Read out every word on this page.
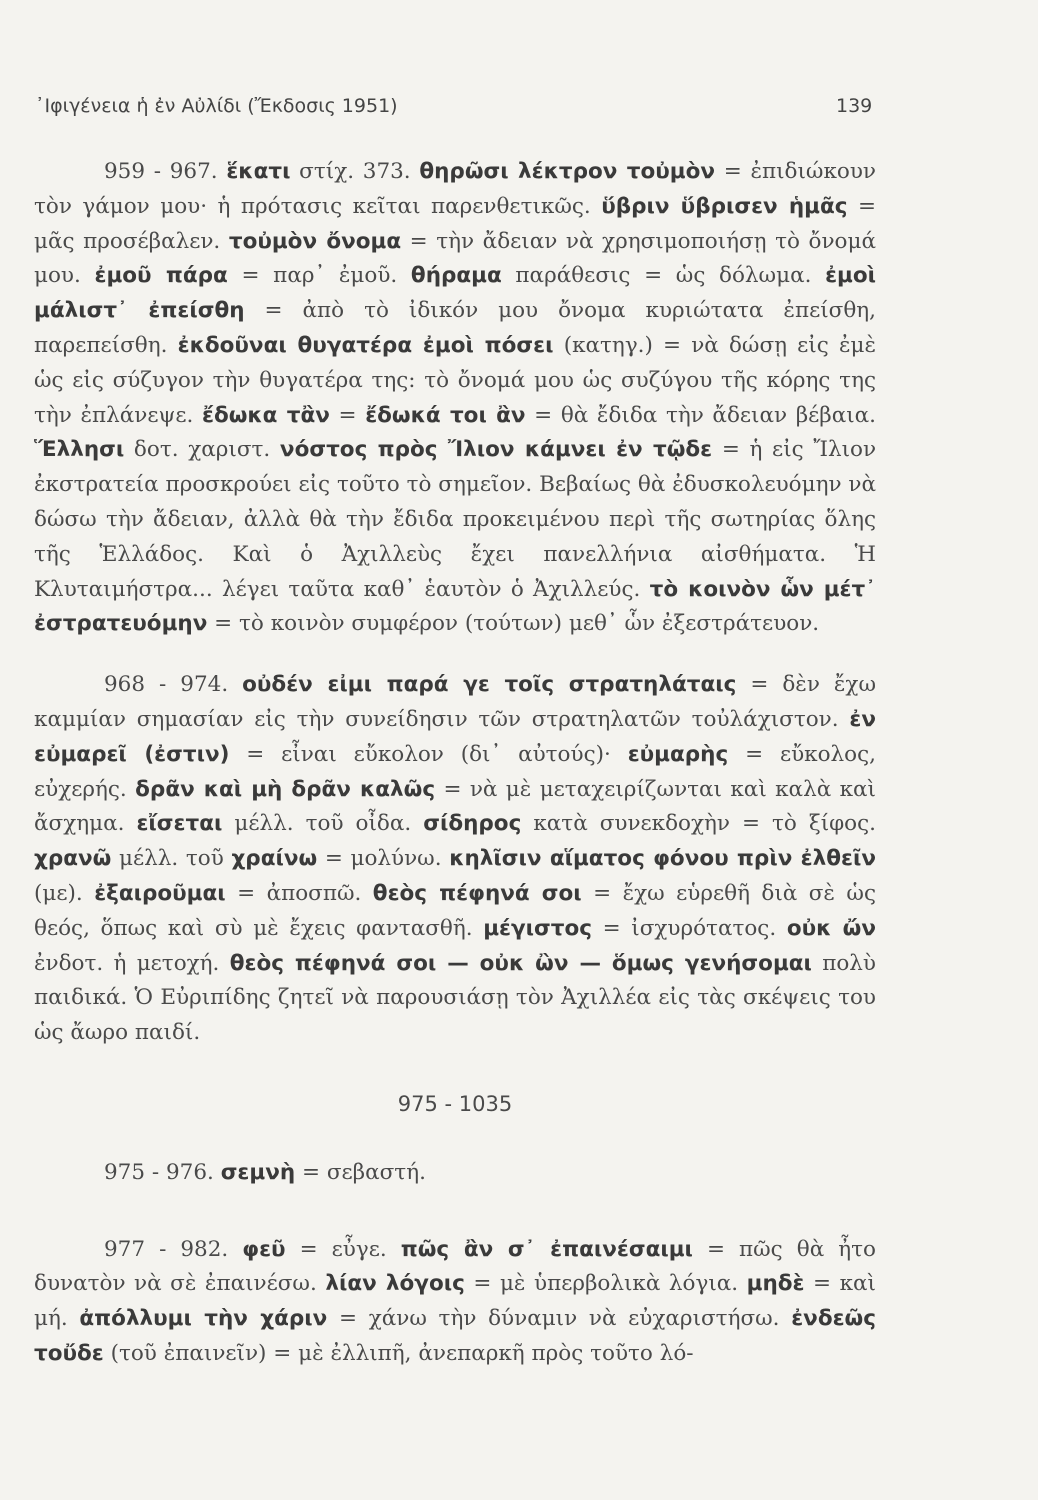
᾿Ιφιγένεια ἡ ἐν Αὐλίδι (Ἔκδοσις 1951)	139

959 - 967. ἕκατι στίχ. 373. θηρῶσι λέκτρον τοὐμὸν = ἐπιδιώκουν τὸν γάμον μου· ἡ πρότασις κεῖται παρενθετικῶς. ὕβριν ὕβρισεν ἡμᾶς = μᾶς προσέβαλεν. τοὐμὸν ὄνομα = τὴν ἄδειαν νὰ χρησιμοποιήσῃ τὸ ὄνομά μου. ἐμοῦ πάρα = παρ᾿ ἐμοῦ. θήραμα παράθεσις = ὡς δόλωμα. ἐμοὶ μάλιστ᾿ ἐπείσθη = ἀπὸ τὸ ἰδικόν μου ὄνομα κυριώτατα ἐπείσθη, παρεπείσθη. ἐκδοῦναι θυγατέρα ἐμοὶ πόσει (κατηγ.) = νὰ δώσῃ εἰς ἐμὲ ὡς εἰς σύζυγον τὴν θυγατέρα της: τὸ ὄνομά μου ὡς συζύγου τῆς κόρης της τὴν ἐπλάνεψε. ἔδωκα τἂν = ἔδωκά τοι ἂν = θὰ ἔδιδα τὴν ἄδειαν βέβαια. Ἕλλησι δοτ. χαριστ. νόστος πρὸς Ἴλιον κάμνει ἐν τῷδε = ἡ εἰς Ἴλιον ἐκστρατεία προσκρούει εἰς τοῦτο τὸ σημεῖον. Βεβαίως θὰ ἐδυσκολευόμην νὰ δώσω τὴν ἄδειαν, ἀλλὰ θὰ τὴν ἔδιδα προκειμένου περὶ τῆς σωτηρίας ὅλης τῆς Ἑλλάδος. Καὶ ὁ Ἀχιλλεὺς ἔχει πανελλήνια αἰσθήματα. Ἡ Κλυταιμήστρα... λέγει ταῦτα καθ᾿ ἑαυτὸν ὁ Ἀχιλλεύς. τὸ κοινὸν ὧν μέτ᾿ ἐστρατευόμην = τὸ κοινὸν συμφέρον (τούτων) μεθ᾿ ὧν ἐξεστράτευον.

968 - 974. οὐδέν εἰμι παρά γε τοῖς στρατηλάταις = δὲν ἔχω καμμίαν σημασίαν εἰς τὴν συνείδησιν τῶν στρατηλατῶν τοὐλάχιστον. ἐν εὐμαρεῖ (ἐστιν) = εἶναι εὔκολον (δι᾿ αὐτούς)· εὐμαρὴς = εὔκολος, εὐχερής. δρᾶν καὶ μὴ δρᾶν καλῶς = νὰ μὲ μεταχειρίζωνται καὶ καλὰ καὶ ἄσχημα. εἴσεται μέλλ. τοῦ οἶδα. σίδηρος κατὰ συνεκδοχὴν = τὸ ξίφος. χρανῶ μέλλ. τοῦ χραίνω = μολύνω. κηλῖσιν αἵματος φόνου πρὶν ἐλθεῖν (με). ἐξαιροῦμαι = ἀποσπῶ. θεὸς πέφηνά σοι = ἔχω εὑρεθῆ διὰ σὲ ὡς θεός, ὅπως καὶ σὺ μὲ ἔχεις φαντασθῆ. μέγιστος = ἰσχυρότατος. οὐκ ὤν ἐνδοτ. ἡ μετοχή. θεὸς πέφηνά σοι — οὐκ ὢν — ὅμως γενήσομαι πολὺ παιδικά. Ὁ Εὐριπίδης ζητεῖ νὰ παρουσιάσῃ τὸν Ἀχιλλέα εἰς τὰς σκέψεις του ὡς ἄωρο παιδί.

975 - 1035

975 - 976. σεμνὴ = σεβαστή.

977 - 982. φεῦ = εὖγε. πῶς ἂν σ᾿ ἐπαινέσαιμι = πῶς θὰ ἦτο δυνατὸν νὰ σὲ ἐπαινέσω. λίαν λόγοις = μὲ ὑπερβολικὰ λόγια. μηδὲ = καὶ μή. ἀπόλλυμι τὴν χάριν = χάνω τὴν δύναμιν νὰ εὐχαριστήσω. ἐνδεῶς τοὔδε (τοῦ ἐπαινεῖν) = μὲ ἐλλιπῆ, ἀνεπαρκῆ πρὸς τοῦτο λό-
